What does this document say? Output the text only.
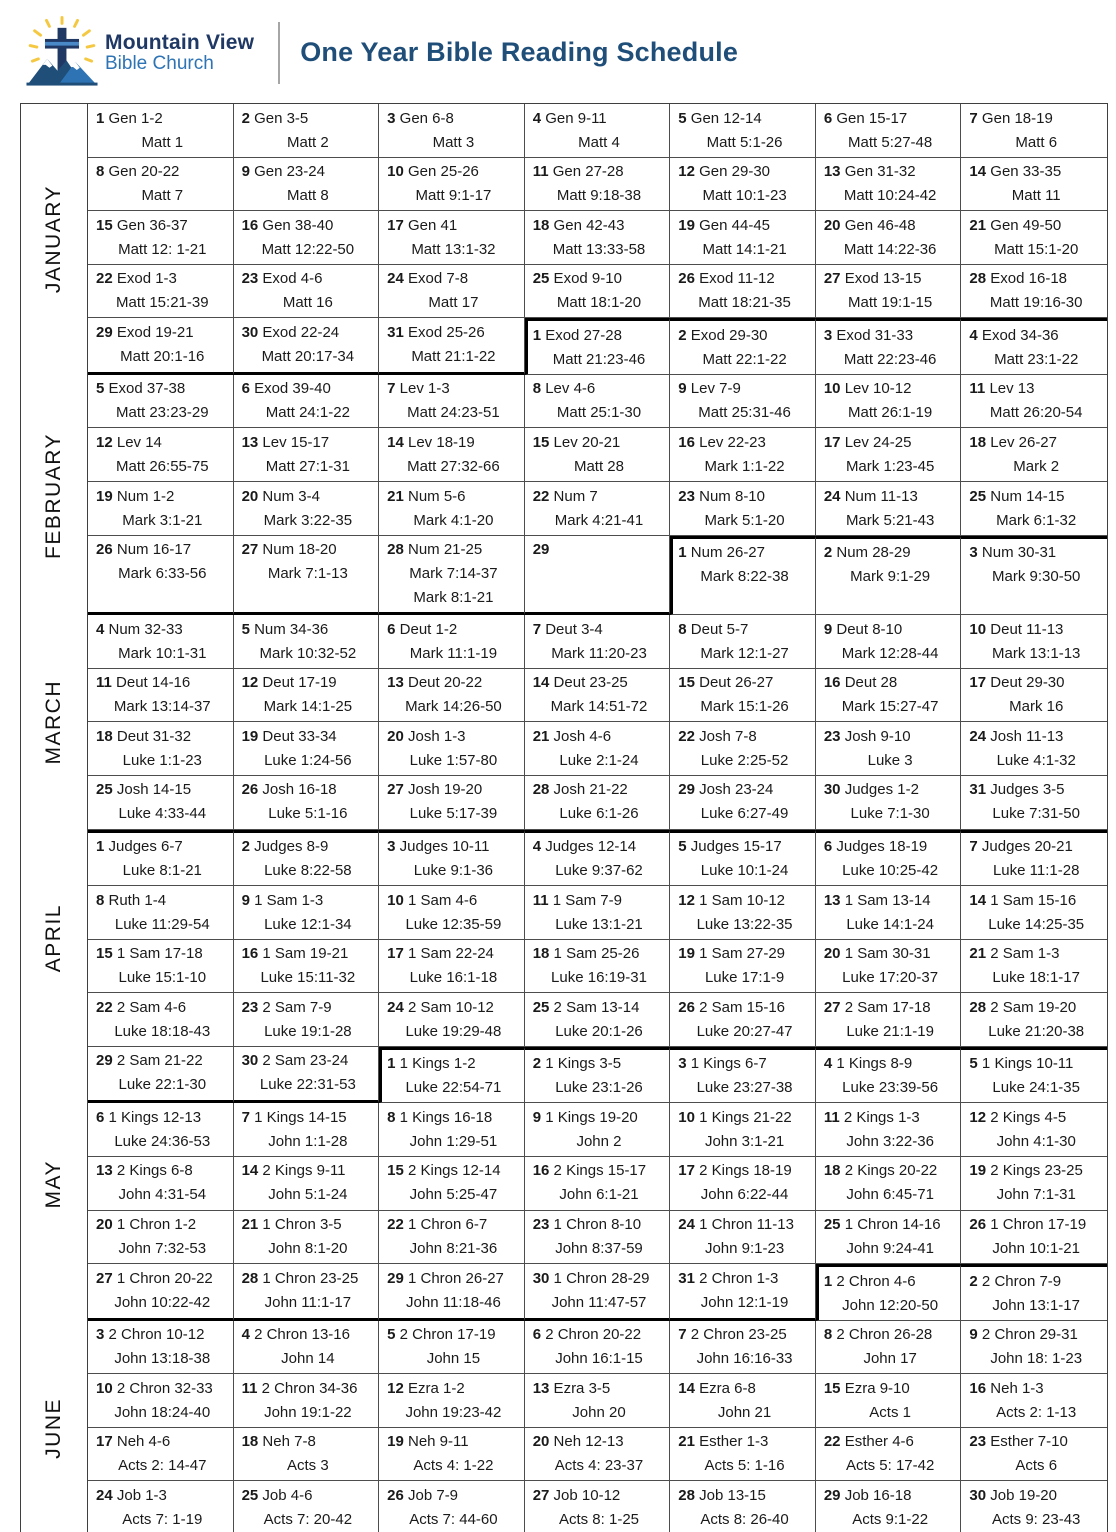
Mountain View
Bible Church	One Year Bible Reading Schedule
JANUARY
FEBRUARY
MARCH
APRIL
MAY
JUNE
1 Gen 1-2
Matt 1
2 Gen 3-5
Matt 2
3 Gen 6-8
Matt 3
4 Gen 9-11
Matt 4
5 Gen 12-14
Matt 5:1-26
6 Gen 15-17
Matt 5:27-48
7 Gen 18-19
Matt 6
8 Gen 20-22
Matt 7
9 Gen 23-24
Matt 8
10 Gen 25-26
Matt 9:1-17
11 Gen 27-28
Matt 9:18-38
12 Gen 29-30
Matt 10:1-23
13 Gen 31-32
Matt 10:24-42
14 Gen 33-35
Matt 11
15 Gen 36-37
Matt 12: 1-21
16 Gen 38-40
Matt 12:22-50
17 Gen 41
Matt 13:1-32
18 Gen 42-43
Matt 13:33-58
19 Gen 44-45
Matt 14:1-21
20 Gen 46-48
Matt 14:22-36
21 Gen 49-50
Matt 15:1-20
22 Exod 1-3
Matt 15:21-39
23 Exod 4-6
Matt 16
24 Exod 7-8
Matt 17
25 Exod 9-10
Matt 18:1-20
26 Exod 11-12
Matt 18:21-35
27 Exod 13-15
Matt 19:1-15
28 Exod 16-18
Matt 19:16-30
29 Exod 19-21
Matt 20:1-16
30 Exod 22-24
Matt 20:17-34
31 Exod 25-26
Matt 21:1-22
1 Exod 27-28
Matt 21:23-46
2 Exod 29-30
Matt 22:1-22
3 Exod 31-33
Matt 22:23-46
4 Exod 34-36
Matt 23:1-22
5 Exod 37-38
Matt 23:23-29
6 Exod 39-40
Matt 24:1-22
7 Lev 1-3
Matt 24:23-51
8 Lev 4-6
Matt 25:1-30
9 Lev 7-9
Matt 25:31-46
10 Lev 10-12
Matt 26:1-19
11 Lev 13
Matt 26:20-54
12 Lev 14
Matt 26:55-75
13 Lev 15-17
Matt 27:1-31
14 Lev 18-19
Matt 27:32-66
15 Lev 20-21
Matt 28
16 Lev 22-23
Mark 1:1-22
17 Lev 24-25
Mark 1:23-45
18 Lev 26-27
Mark 2
19 Num 1-2
Mark 3:1-21
20 Num 3-4
Mark 3:22-35
21 Num 5-6
Mark 4:1-20
22 Num 7
Mark 4:21-41
23 Num 8-10
Mark 5:1-20
24 Num 11-13
Mark 5:21-43
25 Num 14-15
Mark 6:1-32
26 Num 16-17
Mark 6:33-56
27 Num 18-20
Mark 7:1-13
28 Num 21-25
Mark 7:14-37
Mark 8:1-21
29	1 Num 26-27
Mark 8:22-38
2 Num 28-29
Mark 9:1-29
3 Num 30-31
Mark 9:30-50
4 Num 32-33
Mark 10:1-31
5 Num 34-36
Mark 10:32-52
6 Deut 1-2
Mark 11:1-19
7 Deut 3-4
Mark 11:20-23
8 Deut 5-7
Mark 12:1-27
9 Deut 8-10
Mark 12:28-44
10 Deut 11-13
Mark 13:1-13
11 Deut 14-16
Mark 13:14-37
12 Deut 17-19
Mark 14:1-25
13 Deut 20-22
Mark 14:26-50
14 Deut 23-25
Mark 14:51-72
15 Deut 26-27
Mark 15:1-26
16 Deut 28
Mark 15:27-47
17 Deut 29-30
Mark 16
18 Deut 31-32
Luke 1:1-23
19 Deut 33-34
Luke 1:24-56
20 Josh 1-3
Luke 1:57-80
21 Josh 4-6
Luke 2:1-24
22 Josh 7-8
Luke 2:25-52
23 Josh 9-10
Luke 3
24 Josh 11-13
Luke 4:1-32
25 Josh 14-15
Luke 4:33-44
26 Josh 16-18
Luke 5:1-16
27 Josh 19-20
Luke 5:17-39
28 Josh 21-22
Luke 6:1-26
29 Josh 23-24
Luke 6:27-49
30 Judges 1-2
Luke 7:1-30
31 Judges 3-5
Luke 7:31-50
1 Judges 6-7
Luke 8:1-21
2 Judges 8-9
Luke 8:22-58
3 Judges 10-11
Luke 9:1-36
4 Judges 12-14
Luke 9:37-62
5 Judges 15-17
Luke 10:1-24
6 Judges 18-19
Luke 10:25-42
7 Judges 20-21
Luke 11:1-28
8 Ruth 1-4
Luke 11:29-54
9 1 Sam 1-3
Luke 12:1-34
10 1 Sam 4-6
Luke 12:35-59
11 1 Sam 7-9
Luke 13:1-21
12 1 Sam 10-12
Luke 13:22-35
13 1 Sam 13-14
Luke 14:1-24
14 1 Sam 15-16
Luke 14:25-35
15 1 Sam 17-18
Luke 15:1-10
16 1 Sam 19-21
Luke 15:11-32
17 1 Sam 22-24
Luke 16:1-18
18 1 Sam 25-26
Luke 16:19-31
19 1 Sam 27-29
Luke 17:1-9
20 1 Sam 30-31
Luke 17:20-37
21 2 Sam 1-3
Luke 18:1-17
22 2 Sam 4-6
Luke 18:18-43
23 2 Sam 7-9
Luke 19:1-28
24 2 Sam 10-12
Luke 19:29-48
25 2 Sam 13-14
Luke 20:1-26
26 2 Sam 15-16
Luke 20:27-47
27 2 Sam 17-18
Luke 21:1-19
28 2 Sam 19-20
Luke 21:20-38
29 2 Sam 21-22
Luke 22:1-30
30 2 Sam 23-24
Luke 22:31-53
1 1 Kings 1-2
Luke 22:54-71
2 1 Kings 3-5
Luke 23:1-26
3 1 Kings 6-7
Luke 23:27-38
4 1 Kings 8-9
Luke 23:39-56
5 1 Kings 10-11
Luke 24:1-35
6 1 Kings 12-13
Luke 24:36-53
7 1 Kings 14-15
John 1:1-28
8 1 Kings 16-18
John 1:29-51
9 1 Kings 19-20
John 2
10 1 Kings 21-22
John 3:1-21
11 2 Kings 1-3
John 3:22-36
12 2 Kings 4-5
John 4:1-30
13 2 Kings 6-8
John 4:31-54
14 2 Kings 9-11
John 5:1-24
15 2 Kings 12-14
John 5:25-47
16 2 Kings 15-17
John 6:1-21
17 2 Kings 18-19
John 6:22-44
18 2 Kings 20-22
John 6:45-71
19 2 Kings 23-25
John 7:1-31
20 1 Chron 1-2
John 7:32-53
21 1 Chron 3-5
John 8:1-20
22 1 Chron 6-7
John 8:21-36
23 1 Chron 8-10
John 8:37-59
24 1 Chron 11-13
John 9:1-23
25 1 Chron 14-16
John 9:24-41
26 1 Chron 17-19
John 10:1-21
27 1 Chron 20-22
John 10:22-42
28 1 Chron 23-25
John 11:1-17
29 1 Chron 26-27
John 11:18-46
30 1 Chron 28-29
John 11:47-57
31 2 Chron 1-3
John 12:1-19
1 2 Chron 4-6
John 12:20-50
2 2 Chron 7-9
John 13:1-17
3 2 Chron 10-12
John 13:18-38
4 2 Chron 13-16
John 14
5 2 Chron 17-19
John 15
6 2 Chron 20-22
John 16:1-15
7 2 Chron 23-25
John 16:16-33
8 2 Chron 26-28
John 17
9 2 Chron 29-31
John 18: 1-23
10 2 Chron 32-33
John 18:24-40
11 2 Chron 34-36
John 19:1-22
12 Ezra 1-2
John 19:23-42
13 Ezra 3-5
John 20
14 Ezra 6-8
John 21
15 Ezra 9-10
Acts 1
16 Neh 1-3
Acts 2: 1-13
17 Neh 4-6
Acts 2: 14-47
18 Neh 7-8
Acts 3
19 Neh 9-11
Acts 4: 1-22
20 Neh 12-13
Acts 4: 23-37
21 Esther 1-3
Acts 5: 1-16
22 Esther 4-6
Acts 5: 17-42
23 Esther 7-10
Acts 6
24 Job 1-3
Acts 7: 1-19
25 Job 4-6
Acts 7: 20-42
26 Job 7-9
Acts 7: 44-60
27 Job 10-12
Acts 8: 1-25
28 Job 13-15
Acts 8: 26-40
29 Job 16-18
Acts 9:1-22
30 Job 19-20
Acts 9: 23-43
